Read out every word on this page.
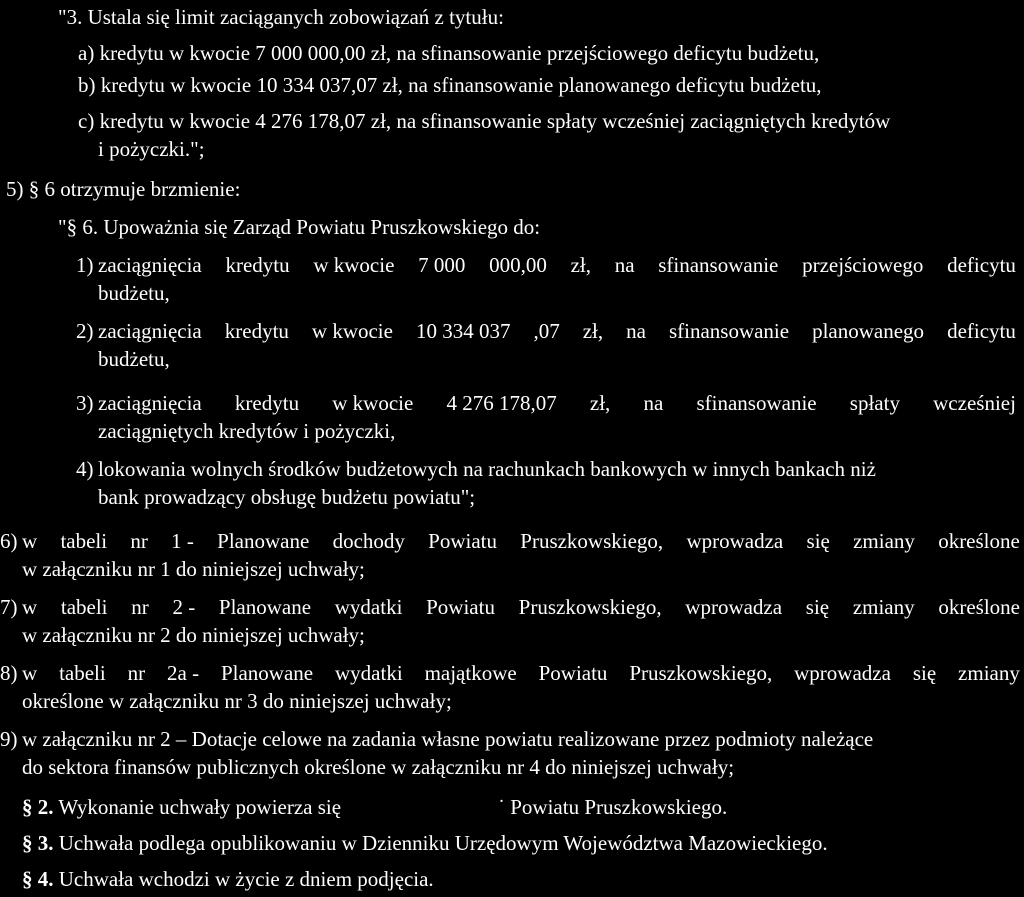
"3. Ustala się limit zaciąganych zobowiązań z tytułu:
a) kredytu w kwocie 7 000 000,00 zł, na sfinansowanie przejściowego deficytu budżetu,
b) kredytu w kwocie 10 334 037,07 zł, na sfinansowanie planowanego deficytu budżetu,
c) kredytu w kwocie 4 276 178,07 zł, na sfinansowanie spłaty wcześniej zaciągniętych kredytów
i pożyczki.";
5) § 6 otrzymuje brzmienie:
"§ 6. Upoważnia się Zarząd Powiatu Pruszkowskiego do:
1) zaciągnięcia kredytu w kwocie 7 000 000,00 zł, na sfinansowanie przejściowego deficytu
budżetu,
2) zaciągnięcia kredytu w kwocie 10 334 037 ,07 zł, na sfinansowanie planowanego deficytu
budżetu,
3) zaciągnięcia kredytu w kwocie 4 276 178,07 zł, na sfinansowanie spłaty wcześniej
zaciągniętych kredytów i pożyczki,
4) lokowania wolnych środków budżetowych na rachunkach bankowych w innych bankach niż
bank prowadzący obsługę budżetu powiatu";
6) w tabeli nr 1 - Planowane dochody Powiatu Pruszkowskiego, wprowadza się zmiany określone
w załączniku nr 1 do niniejszej uchwały;
7) w tabeli nr 2 - Planowane wydatki Powiatu Pruszkowskiego, wprowadza się zmiany określone
w załączniku nr 2 do niniejszej uchwały;
8) w tabeli nr 2a - Planowane wydatki majątkowe Powiatu Pruszkowskiego, wprowadza się zmiany
określone w załączniku nr 3 do niniejszej uchwały;
9) w załączniku nr 2 – Dotacje celowe na zadania własne powiatu realizowane przez podmioty należące
do sektora finansów publicznych określone w załączniku nr 4 do niniejszej uchwały;
§ 2. Wykonanie uchwały powierza się	˙ Powiatu Pruszkowskiego.
§ 3. Uchwała podlega opublikowaniu w Dzienniku Urzędowym Województwa Mazowieckiego.
§ 4. Uchwała wchodzi w życie z dniem podjęcia.
